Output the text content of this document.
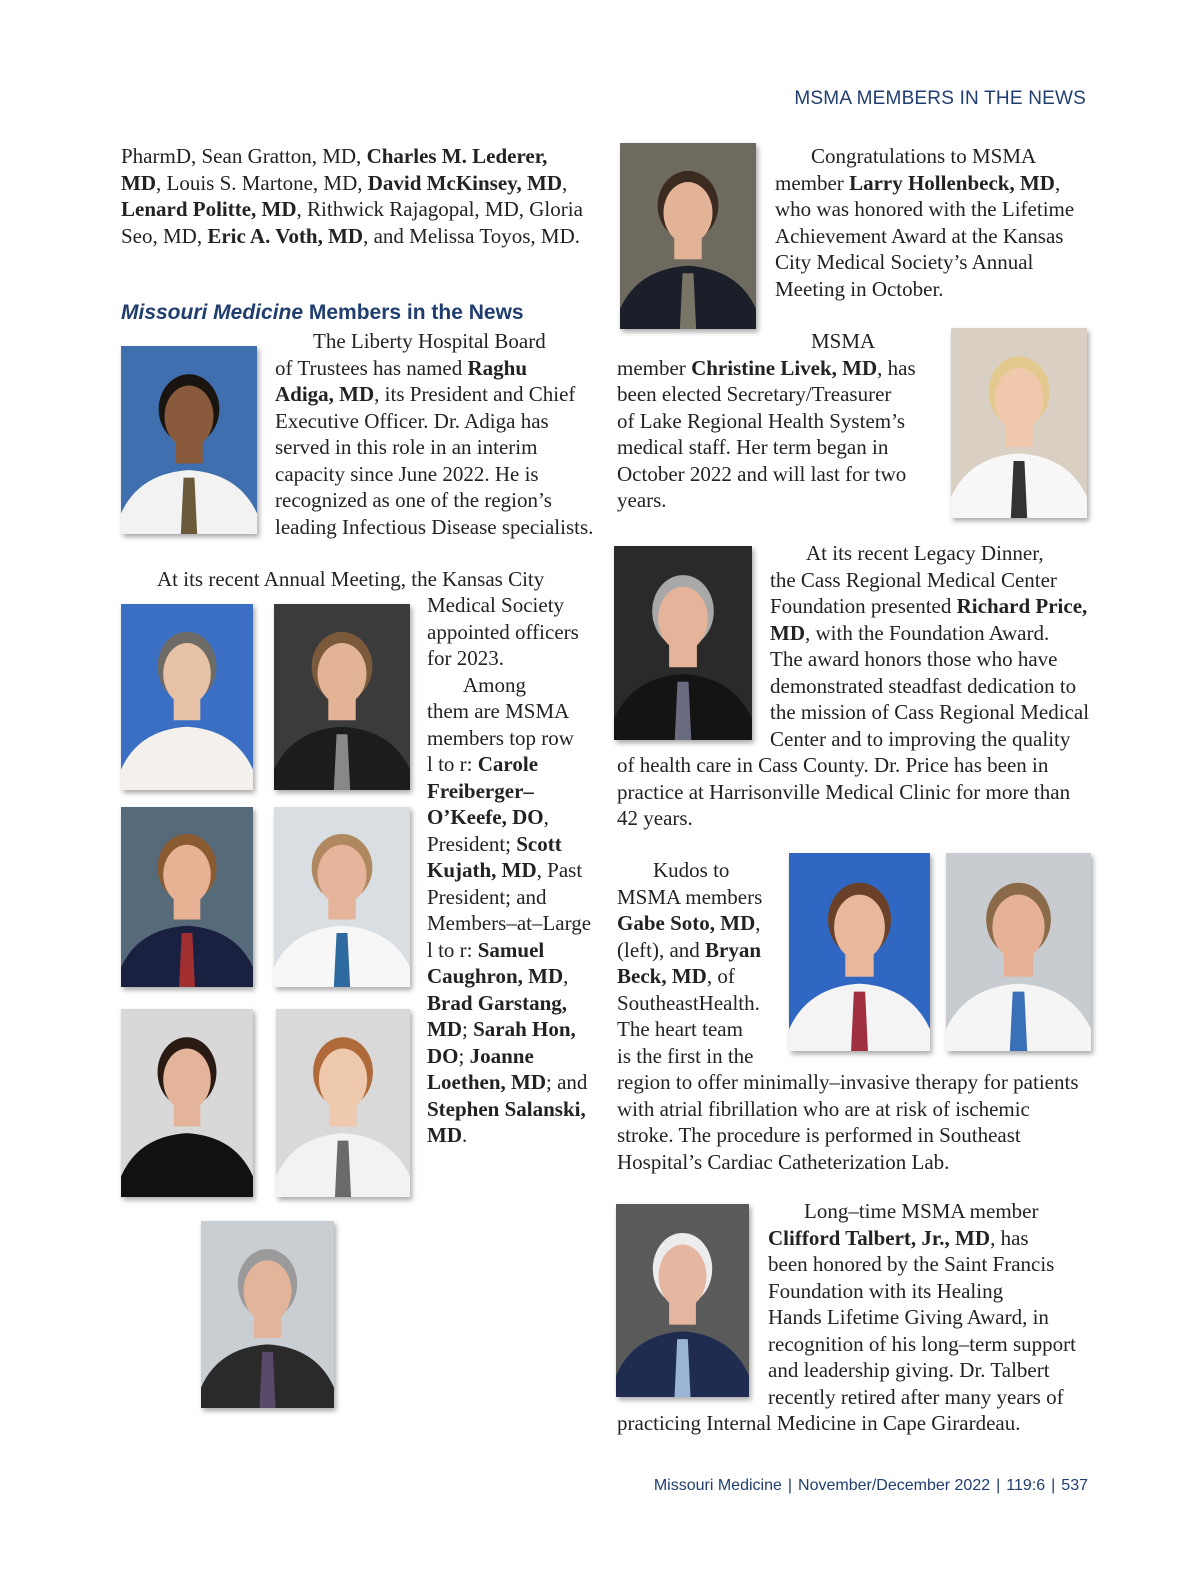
MSMA MEMBERS IN THE NEWS
PharmD, Sean Gratton, MD, Charles M. Lederer,
MD, Louis S. Martone, MD, David McKinsey, MD,
Lenard Politte, MD, Rithwick Rajagopal, MD, Gloria
Seo, MD, Eric A. Voth, MD, and Melissa Toyos, MD.
Missouri Medicine Members in the News
The Liberty Hospital Board
of Trustees has named Raghu
Adiga, MD, its President and Chief
Executive Officer. Dr. Adiga has
served in this role in an interim
capacity since June 2022. He is
recognized as one of the region’s
leading Infectious Disease specialists.
At its recent Annual Meeting, the Kansas City
Medical Society
appointed officers
for 2023.
Among
them are MSMA
members top row
l to r: Carole
Freiberger–
O’Keefe, DO,
President; Scott
Kujath, MD, Past
President; and
Members–at–Large
l to r: Samuel
Caughron, MD,
Brad Garstang,
MD; Sarah Hon,
DO; Joanne
Loethen, MD; and
Stephen Salanski,
MD.
Congratulations to MSMA
member Larry Hollenbeck, MD,
who was honored with the Lifetime
Achievement Award at the Kansas
City Medical Society’s Annual
Meeting in October.
MSMA
member Christine Livek, MD, has
been elected Secretary/Treasurer
of Lake Regional Health System’s
medical staff. Her term began in
October 2022 and will last for two
years.
At its recent Legacy Dinner,
the Cass Regional Medical Center
Foundation presented Richard Price,
MD, with the Foundation Award.
The award honors those who have
demonstrated steadfast dedication to
the mission of Cass Regional Medical
Center and to improving the quality
of health care in Cass County. Dr. Price has been in
practice at Harrisonville Medical Clinic for more than
42 years.
Kudos to
MSMA members
Gabe Soto, MD,
(left), and Bryan
Beck, MD, of
SoutheastHealth.
The heart team
is the first in the
region to offer minimally–invasive therapy for patients
with atrial fibrillation who are at risk of ischemic
stroke. The procedure is performed in Southeast
Hospital’s Cardiac Catheterization Lab.
Long–time MSMA member
Clifford Talbert, Jr., MD, has
been honored by the Saint Francis
Foundation with its Healing
Hands Lifetime Giving Award, in
recognition of his long–term support
and leadership giving. Dr. Talbert
recently retired after many years of
practicing Internal Medicine in Cape Girardeau.
Missouri Medicine | November/December 2022 | 119:6 | 537
